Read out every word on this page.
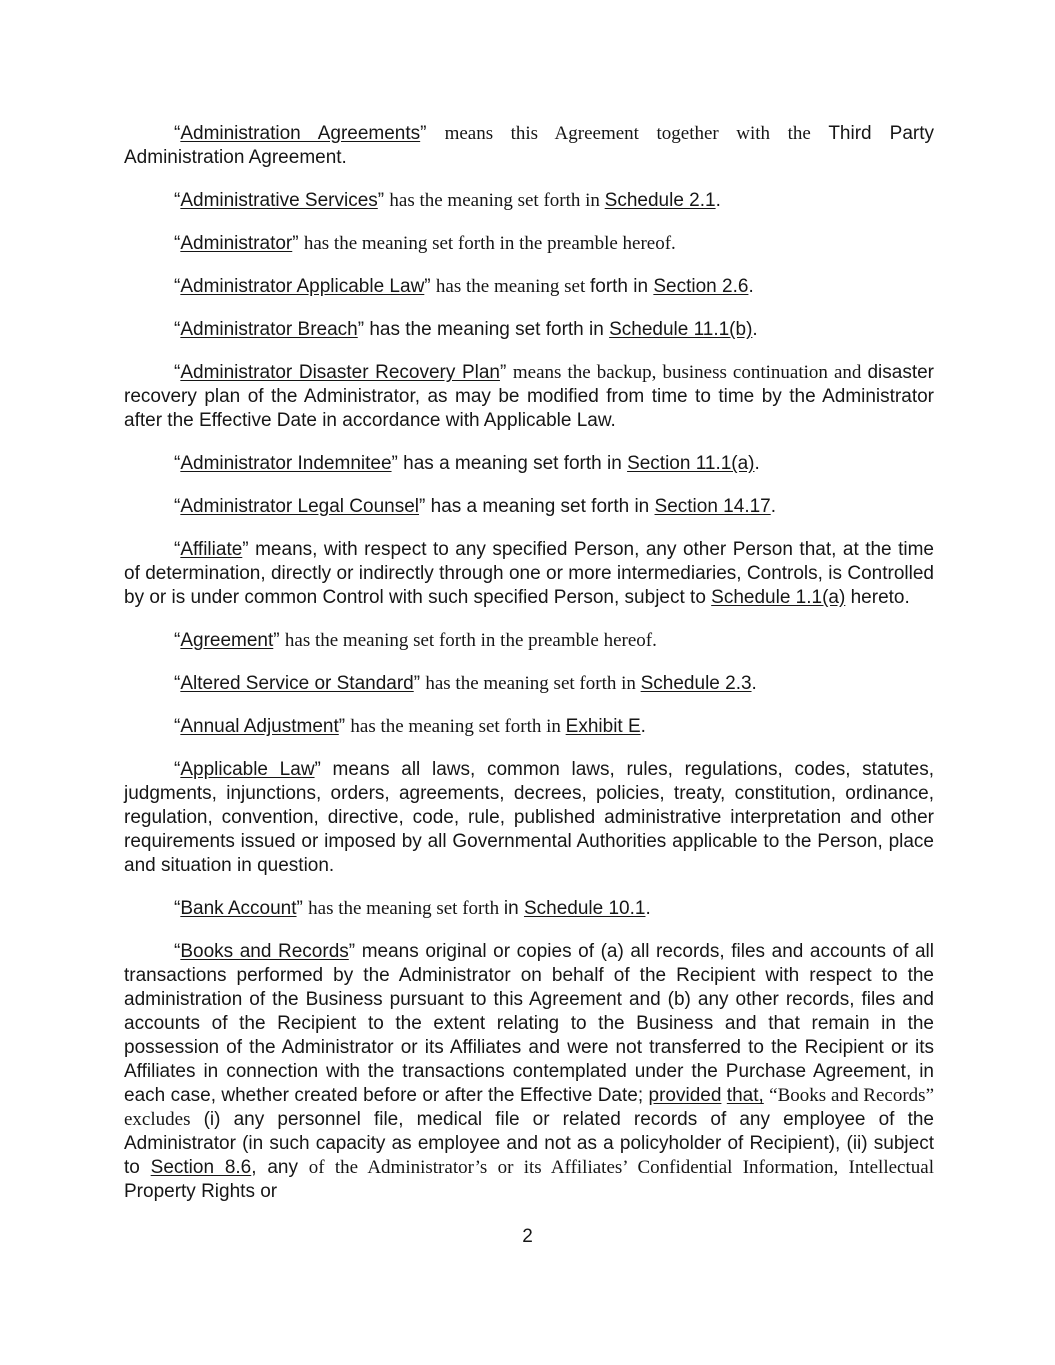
“Administration Agreements” means this Agreement together with the Third Party Administration Agreement.

“Administrative Services” has the meaning set forth in Schedule 2.1.

“Administrator” has the meaning set forth in the preamble hereof.

“Administrator Applicable Law” has the meaning set forth in Section 2.6.

“Administrator Breach” has the meaning set forth in Schedule 11.1(b).

“Administrator Disaster Recovery Plan” means the backup, business continuation and disaster recovery plan of the Administrator, as may be modified from time to time by the Administrator after the Effective Date in accordance with Applicable Law.

“Administrator Indemnitee” has a meaning set forth in Section 11.1(a).

“Administrator Legal Counsel” has a meaning set forth in Section 14.17.

“Affiliate” means, with respect to any specified Person, any other Person that, at the time of determination, directly or indirectly through one or more intermediaries, Controls, is Controlled by or is under common Control with such specified Person, subject to Schedule 1.1(a) hereto.

“Agreement” has the meaning set forth in the preamble hereof.

“Altered Service or Standard” has the meaning set forth in Schedule 2.3.

“Annual Adjustment” has the meaning set forth in Exhibit E.

“Applicable Law” means all laws, common laws, rules, regulations, codes, statutes, judgments, injunctions, orders, agreements, decrees, policies, treaty, constitution, ordinance, regulation, convention, directive, code, rule, published administrative interpretation and other requirements issued or imposed by all Governmental Authorities applicable to the Person, place and situation in question.

“Bank Account” has the meaning set forth in Schedule 10.1.

“Books and Records” means original or copies of (a) all records, files and accounts of all transactions performed by the Administrator on behalf of the Recipient with respect to the administration of the Business pursuant to this Agreement and (b) any other records, files and accounts of the Recipient to the extent relating to the Business and that remain in the possession of the Administrator or its Affiliates and were not transferred to the Recipient or its Affiliates in connection with the transactions contemplated under the Purchase Agreement, in each case, whether created before or after the Effective Date; provided that, “Books and Records” excludes (i) any personnel file, medical file or related records of any employee of the Administrator (in such capacity as employee and not as a policyholder of Recipient), (ii) subject to Section 8.6, any of the Administrator’s or its Affiliates’ Confidential Information, Intellectual Property Rights or

2
